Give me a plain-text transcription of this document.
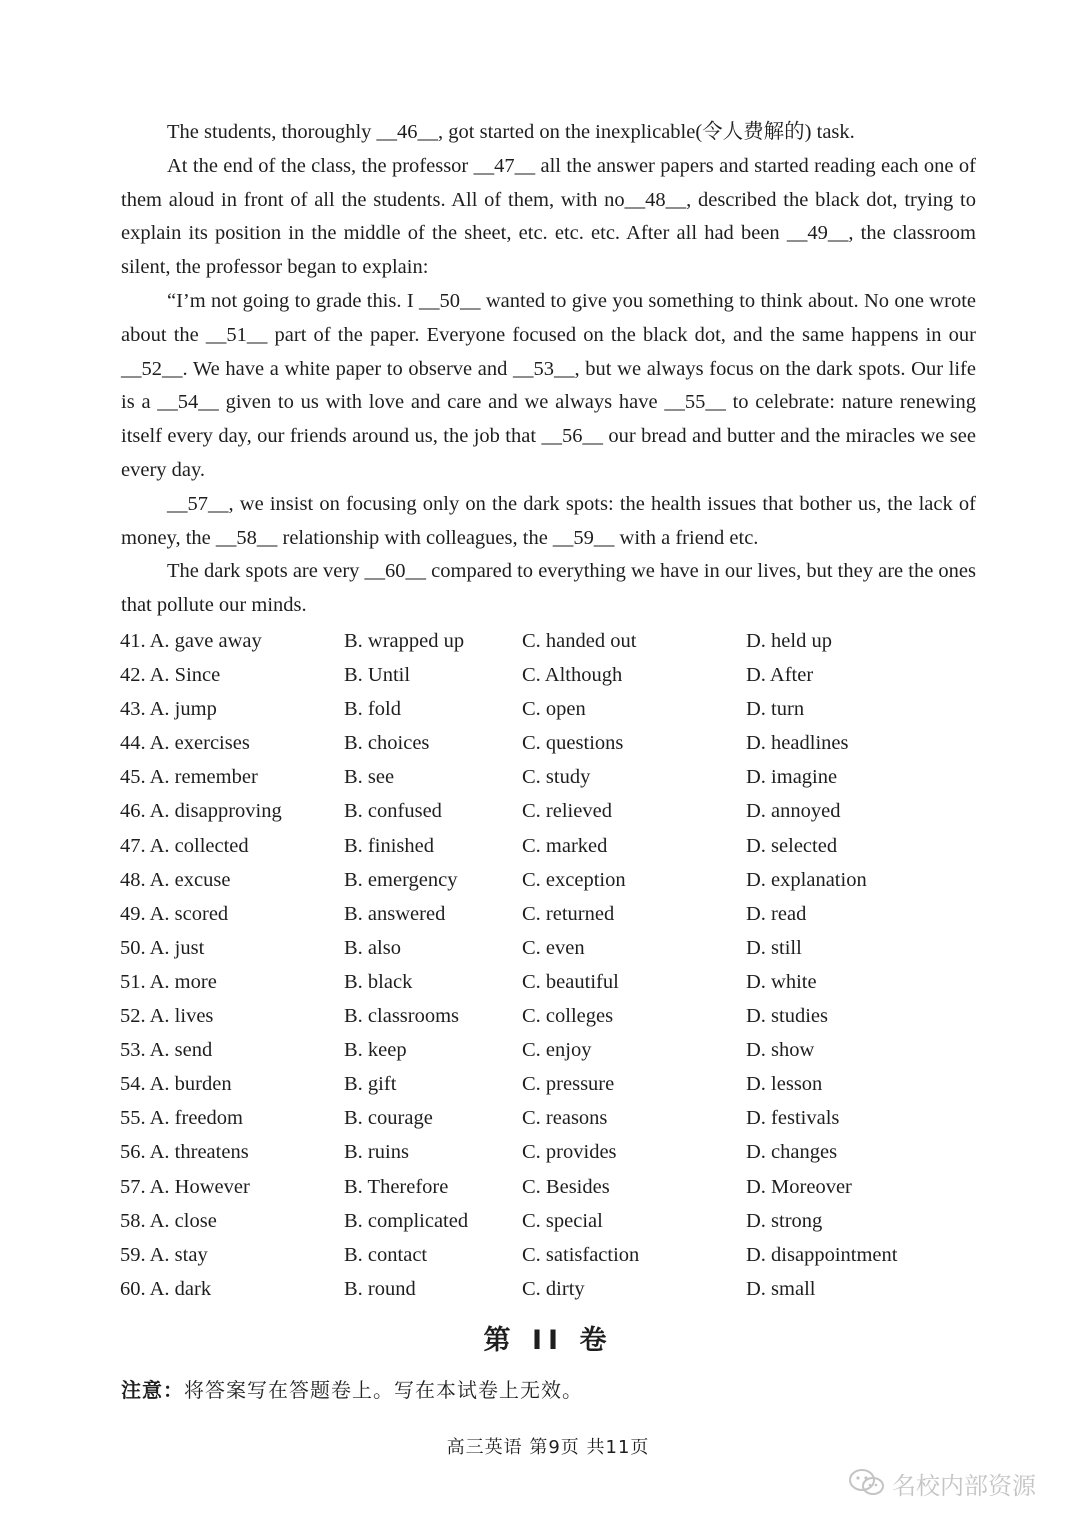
The students, thoroughly __46__, got started on the inexplicable(令人费解的) task.

At the end of the class, the professor __47__ all the answer papers and started reading each one of them aloud in front of all the students. All of them, with no__48__, described the black dot, trying to explain its position in the middle of the sheet, etc. etc. etc. After all had been __49__, the classroom silent, the professor began to explain:

“I’m not going to grade this. I __50__ wanted to give you something to think about. No one wrote about the __51__ part of the paper. Everyone focused on the black dot, and the same happens in our __52__. We have a white paper to observe and __53__, but we always focus on the dark spots. Our life is a __54__ given to us with love and care and we always have __55__ to celebrate: nature renewing itself every day, our friends around us, the job that __56__ our bread and butter and the miracles we see every day.

__57__, we insist on focusing only on the dark spots: the health issues that bother us, the lack of money, the __58__ relationship with colleagues, the __59__ with a friend etc.

The dark spots are very __60__ compared to everything we have in our lives, but they are the ones that pollute our minds.

41. A. gave away	B. wrapped up	C. handed out	D. held up
42. A. Since	B. Until	C. Although	D. After
43. A. jump	B. fold	C. open	D. turn
44. A. exercises	B. choices	C. questions	D. headlines
45. A. remember	B. see	C. study	D. imagine
46. A. disapproving	B. confused	C. relieved	D. annoyed
47. A. collected	B. finished	C. marked	D. selected
48. A. excuse	B. emergency	C. exception	D. explanation
49. A. scored	B. answered	C. returned	D. read
50. A. just	B. also	C. even	D. still
51. A. more	B. black	C. beautiful	D. white
52. A. lives	B. classrooms	C. colleges	D. studies
53. A. send	B. keep	C. enjoy	D. show
54. A. burden	B. gift	C. pressure	D. lesson
55. A. freedom	B. courage	C. reasons	D. festivals
56. A. threatens	B. ruins	C. provides	D. changes
57. A. However	B. Therefore	C. Besides	D. Moreover
58. A. close	B. complicated	C. special	D. strong
59. A. stay	B. contact	C. satisfaction	D. disappointment
60. A. dark	B. round	C. dirty	D. small
第 II 卷
注意：将答案写在答题卷上。写在本试卷上无效。
高三英语 第9页 共11页
名校内部资源
